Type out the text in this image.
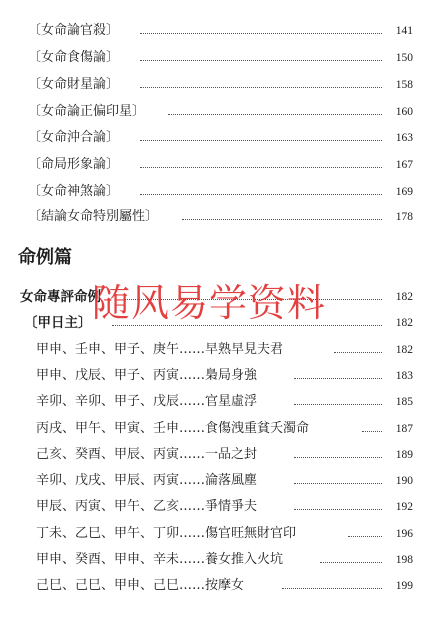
〔女命論官殺〕	141
〔女命食傷論〕	150
〔女命財星論〕	158
〔女命論正偏印星〕	160
〔女命沖合論〕	163
〔命局形象論〕	167
〔女命神煞論〕	169
〔結論女命特別屬性〕	178
命例篇
女命專評命例	182
〔甲日主〕	182
甲申、壬申、甲子、庚午……早熟早見夫君	182
甲申、戊辰、甲子、丙寅……梟局身強	183
辛卯、辛卯、甲子、戊辰……官星虛浮	185
丙戌、甲午、甲寅、壬申……食傷洩重貧夭濁命	187
己亥、癸酉、甲辰、丙寅……一品之封	189
辛卯、戊戌、甲辰、丙寅……淪落風塵	190
甲辰、丙寅、甲午、乙亥……爭情爭夫	192
丁未、乙巳、甲午、丁卯……傷官旺無財官印	196
甲申、癸酉、甲申、辛未……養女推入火坑	198
己巳、己巳、甲申、己巳……按摩女	199
随风易学资料
